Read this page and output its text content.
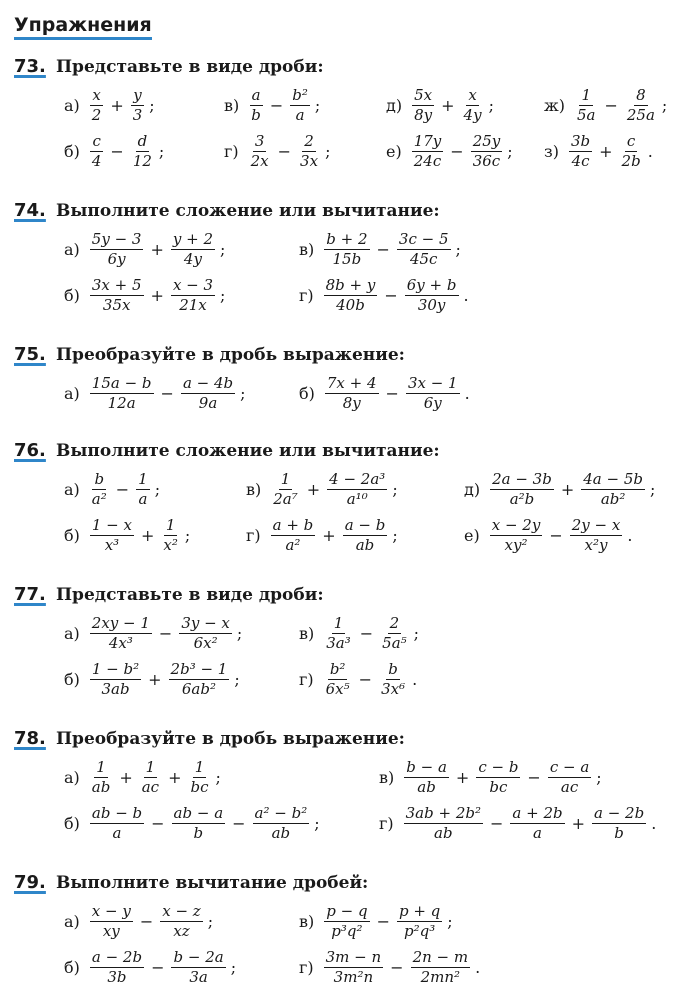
Упражнения
73. Представьте в виде дроби:
$а) \frac{x}{2} + \frac{y}{3}$ ;	$в) \frac{a}{b} - \frac{\text{b²}}{a}$ ;	$д) \frac{5x}{8y} + \frac{x}{4y}$ ;	$ж) \frac{1}{5a} - \frac{8}{25a}$ ;
$б) \frac{c}{4} - \frac{d}{12}$ ;	$г) \frac{3}{2x} - \frac{2}{3x}$ ;	$е) \frac{17y}{24c} - \frac{25y}{36c}$ ; $з) \frac{3b}{4c} + \frac{c}{2b}$ .
74. Выполните сложение или вычитание:
$а) \frac{5y - 3}{6y} + \frac{y + 2}{4y}$ ;	$в) \frac{b + 2}{15b} - \frac{3c - 5}{45c}$ ;
$б) \frac{3x + 5}{35x} + \frac{x - 3}{21x}$ ;	$г) \frac{8b + y}{40b} - \frac{6y + b}{30y}$ .
75. Преобразуйте в дробь выражение:
$а) \frac{15a - b}{12a} - \frac{a - 4b}{9a}$ ;	$б) \frac{7x + 4}{8y} - \frac{3x - 1}{6y}$ .
76. Выполните сложение или вычитание:
$а) \frac{b}{\text{a²}} - \frac{1}{a}$ ;	$в) \frac{1}{\text{2a⁷}} + \frac{\text{4 − 2a³}}{\text{a¹⁰}}$ ;	$д) \frac{2a - 3b}{\text{a²b}} + \frac{4a - 5b}{\text{ab²}}$ ;
$б) \frac{1 - x}{\text{x³}} + \frac{1}{\text{x²}}$ ;	$г) \frac{a + b}{\text{a²}} + \frac{a - b}{ab}$ ;	$е) \frac{x - 2y}{\text{xy²}} - \frac{2y - x}{\text{x²y}}$ .
77. Представьте в виде дроби:
$а) \frac{2xy - 1}{\text{4x³}} - \frac{3y - x}{\text{6x²}}$ ;	$в) \frac{1}{\text{3a³}} - \frac{2}{\text{5a⁵}}$ ;
$б) \frac{\text{1 − b²}}{3ab} + \frac{\text{2b³ − 1}}{\text{6ab²}}$ ;	$г) \frac{\text{b²}}{\text{6x⁵}} - \frac{b}{\text{3x⁶}}$ .
78. Преобразуйте в дробь выражение:
$а) \frac{1}{ab} + \frac{1}{ac} + \frac{1}{bc}$ ;	$в) \frac{b - a}{ab} + \frac{c - b}{bc} - \frac{c - a}{ac}$ ;
$б) \frac{ab - b}{a} - \frac{ab - a}{b} - \frac{\text{a² − b²}}{ab}$ ;	$г) \frac{\text{3ab + 2b²}}{ab} - \frac{a + 2b}{a} + \frac{a - 2b}{b}$ .
79. Выполните вычитание дробей:
$а) \frac{x - y}{xy} - \frac{x - z}{xz}$ ;	$в) \frac{p - q}{\text{p³q²}} - \frac{p + q}{\text{p²q³}}$ ;
$б) \frac{a - 2b}{3b} - \frac{b - 2a}{3a}$ ;	$г) \frac{3m - n}{\text{3m²n}} - \frac{2n - m}{\text{2mn²}}$ .
